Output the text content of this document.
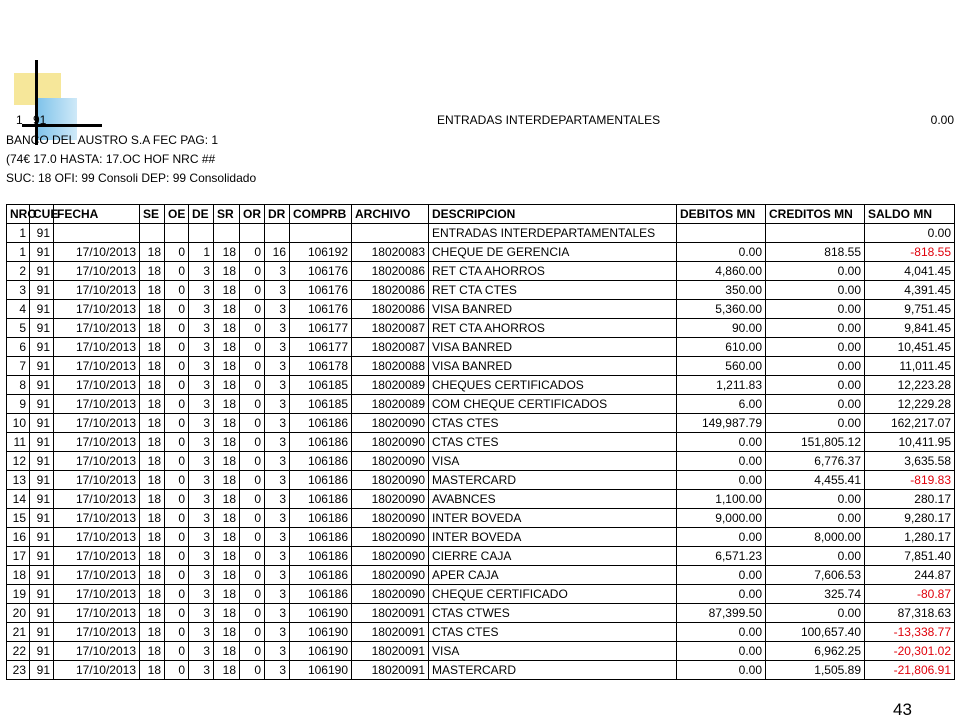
1 91	ENTRADAS INTERDEPARTAMENTALES	0.00
BANCO DEL AUSTRO S.A FEC PAG: 1
(74€ 17.0 HASTA: 17.OC HOF NRC ##
SUC: 18 OFI: 99 Consoli DEP: 99 Consolidado
NRO	CUE	FECHA	SE	OE	DE	SR	OR	DR	COMPRB	ARCHIVO	DESCRIPCION	DEBITOS MN	CREDITOS MN	SALDO MN
1	91										ENTRADAS INTERDEPARTAMENTALES			0.00
1	91	17/10/2013	18	0	1	18	0	16	106192	18020083	CHEQUE DE GERENCIA	0.00	818.55	-818.55
2	91	17/10/2013	18	0	3	18	0	3	106176	18020086	RET CTA AHORROS	4,860.00	0.00	4,041.45
3	91	17/10/2013	18	0	3	18	0	3	106176	18020086	RET CTA CTES	350.00	0.00	4,391.45
4	91	17/10/2013	18	0	3	18	0	3	106176	18020086	VISA BANRED	5,360.00	0.00	9,751.45
5	91	17/10/2013	18	0	3	18	0	3	106177	18020087	RET CTA AHORROS	90.00	0.00	9,841.45
6	91	17/10/2013	18	0	3	18	0	3	106177	18020087	VISA BANRED	610.00	0.00	10,451.45
7	91	17/10/2013	18	0	3	18	0	3	106178	18020088	VISA BANRED	560.00	0.00	11,011.45
8	91	17/10/2013	18	0	3	18	0	3	106185	18020089	CHEQUES CERTIFICADOS	1,211.83	0.00	12,223.28
9	91	17/10/2013	18	0	3	18	0	3	106185	18020089	COM CHEQUE CERTIFICADOS	6.00	0.00	12,229.28
10	91	17/10/2013	18	0	3	18	0	3	106186	18020090	CTAS CTES	149,987.79	0.00	162,217.07
11	91	17/10/2013	18	0	3	18	0	3	106186	18020090	CTAS CTES	0.00	151,805.12	10,411.95
12	91	17/10/2013	18	0	3	18	0	3	106186	18020090	VISA	0.00	6,776.37	3,635.58
13	91	17/10/2013	18	0	3	18	0	3	106186	18020090	MASTERCARD	0.00	4,455.41	-819.83
14	91	17/10/2013	18	0	3	18	0	3	106186	18020090	AVABNCES	1,100.00	0.00	280.17
15	91	17/10/2013	18	0	3	18	0	3	106186	18020090	INTER BOVEDA	9,000.00	0.00	9,280.17
16	91	17/10/2013	18	0	3	18	0	3	106186	18020090	INTER BOVEDA	0.00	8,000.00	1,280.17
17	91	17/10/2013	18	0	3	18	0	3	106186	18020090	CIERRE CAJA	6,571.23	0.00	7,851.40
18	91	17/10/2013	18	0	3	18	0	3	106186	18020090	APER CAJA	0.00	7,606.53	244.87
19	91	17/10/2013	18	0	3	18	0	3	106186	18020090	CHEQUE CERTIFICADO	0.00	325.74	-80.87
20	91	17/10/2013	18	0	3	18	0	3	106190	18020091	CTAS CTWES	87,399.50	0.00	87,318.63
21	91	17/10/2013	18	0	3	18	0	3	106190	18020091	CTAS CTES	0.00	100,657.40	-13,338.77
22	91	17/10/2013	18	0	3	18	0	3	106190	18020091	VISA	0.00	6,962.25	-20,301.02
23	91	17/10/2013	18	0	3	18	0	3	106190	18020091	MASTERCARD	0.00	1,505.89	-21,806.91
43
